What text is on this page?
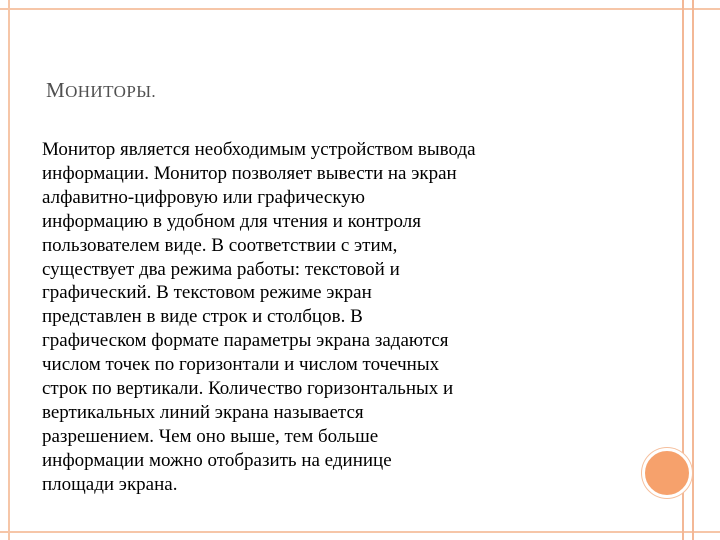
МОНИТОРЫ.

Монитор является необходимым устройством вывода
информации. Монитор позволяет вывести на экран
алфавитно-цифровую или графическую
информацию в удобном для чтения и контроля
пользователем виде. В соответствии с этим,
существует два режима работы: текстовой и
графический. В текстовом режиме экран
представлен в виде строк и столбцов. В
графическом формате параметры экрана задаются
числом точек по горизонтали и числом точечных
строк по вертикали. Количество горизонтальных и
вертикальных линий экрана называется
разрешением. Чем оно выше, тем больше
информации можно отобразить на единице
площади экрана.
